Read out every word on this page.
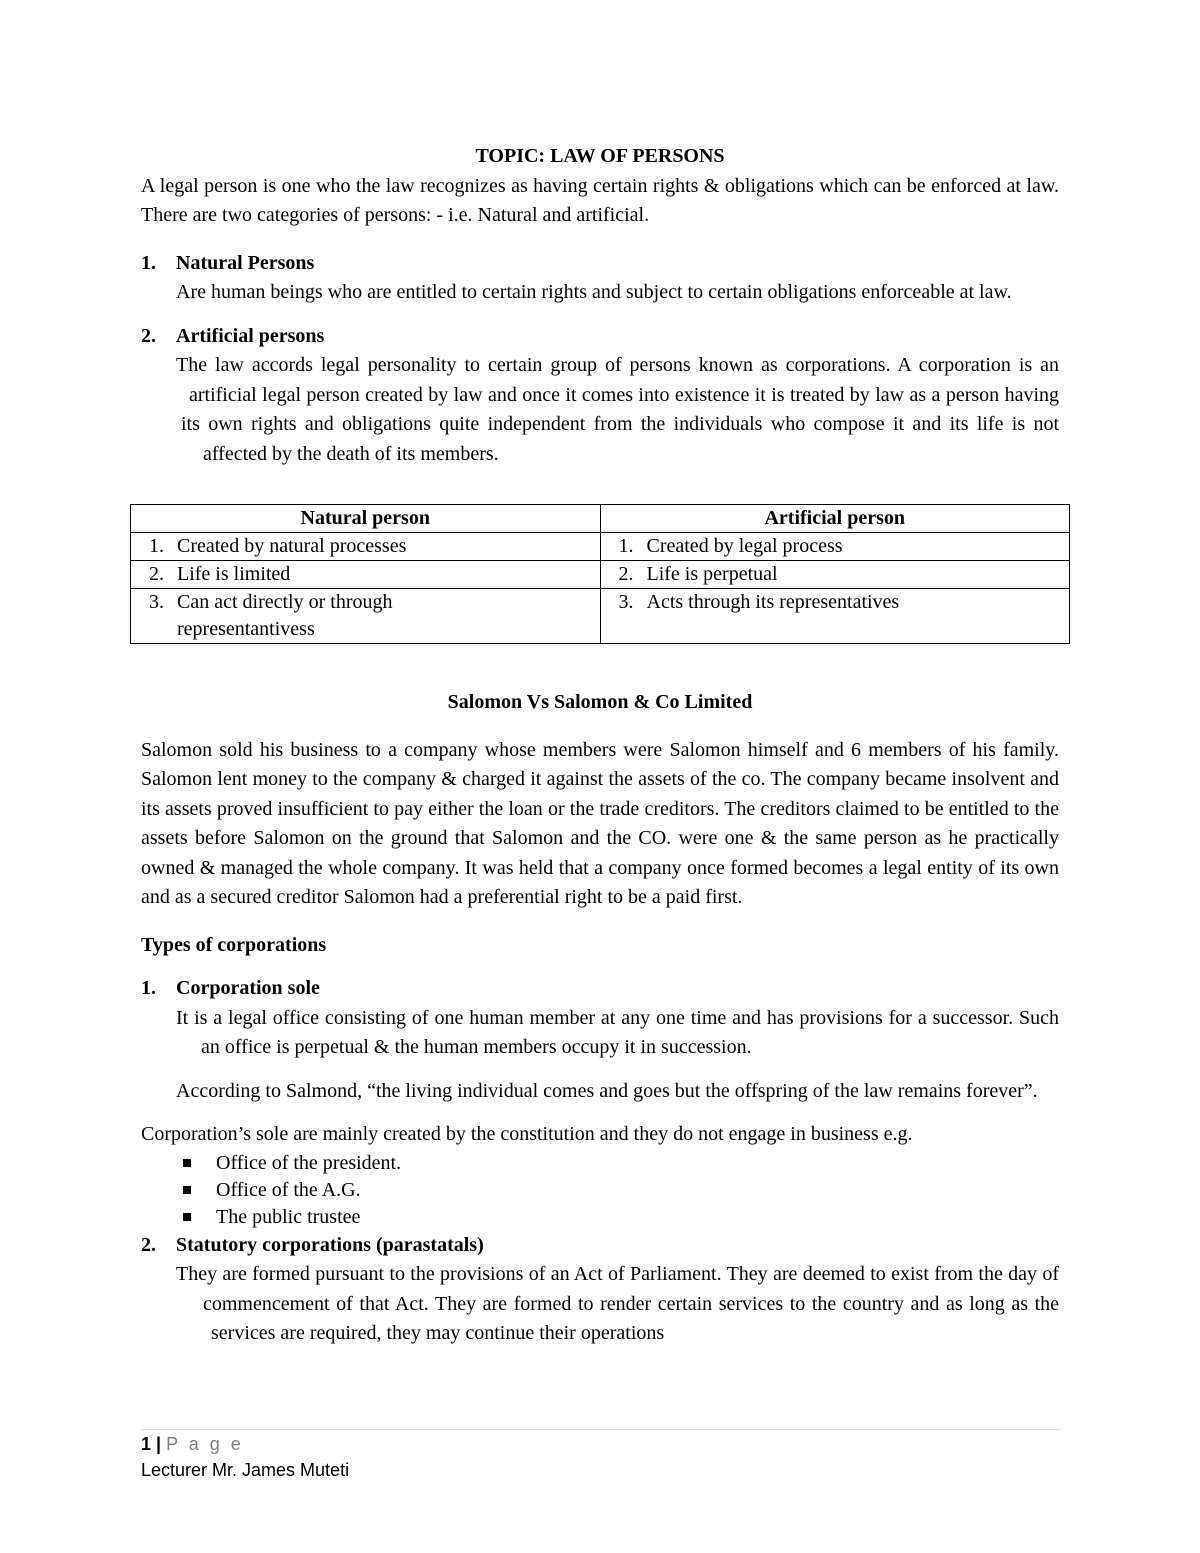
TOPIC: LAW OF PERSONS

A legal person is one who the law recognizes as having certain rights & obligations which can be enforced at law. There are two categories of persons: - i.e. Natural and artificial.

1. Natural Persons

Are human beings who are entitled to certain rights and subject to certain obligations enforceable at law.

2. Artificial persons

The law accords legal personality to certain group of persons known as corporations. A corporation is anartificial legal person created by law and once it comes into existence it is treated by law as a person havingits own rights and obligations quite independent from the individuals who compose it and its life is notaffected by the death of its members.

Natural person	Artificial person

1. Created by natural processes	1. Created by legal process

2. Life is limited	2. Life is perpetual

3. Can act directly or through representantivess	3. Acts through its representatives

Salomon Vs Salomon & Co Limited

Salomon sold his business to a company whose members were Salomon himself and 6 members of his family. Salomon lent money to the company & charged it against the assets of the co. The company became insolvent and its assets proved insufficient to pay either the loan or the trade creditors. The creditors claimed to be entitled to the assets before Salomon on the ground that Salomon and the CO. were one & the same person as he practically owned & managed the whole company. It was held that a company once formed becomes a legal entity of its own and as a secured creditor Salomon had a preferential right to be a paid first.

Types of corporations

1. Corporation sole

It is a legal office consisting of one human member at any one time and has provisions for a successor. Suchan office is perpetual & the human members occupy it in succession.

According to Salmond, “the living individual comes and goes but the offspring of the law remains forever”.

Corporation’s sole are mainly created by the constitution and they do not engage in business e.g.

Office of the president.
Office of the A.G.
The public trustee

2. Statutory corporations (parastatals)

They are formed pursuant to the provisions of an Act of Parliament. They are deemed to exist from the day ofcommencement of that Act. They are formed to render certain services to the country and as long as theservices are required, they may continue their operations

1 | P a g e
Lecturer Mr. James Muteti
